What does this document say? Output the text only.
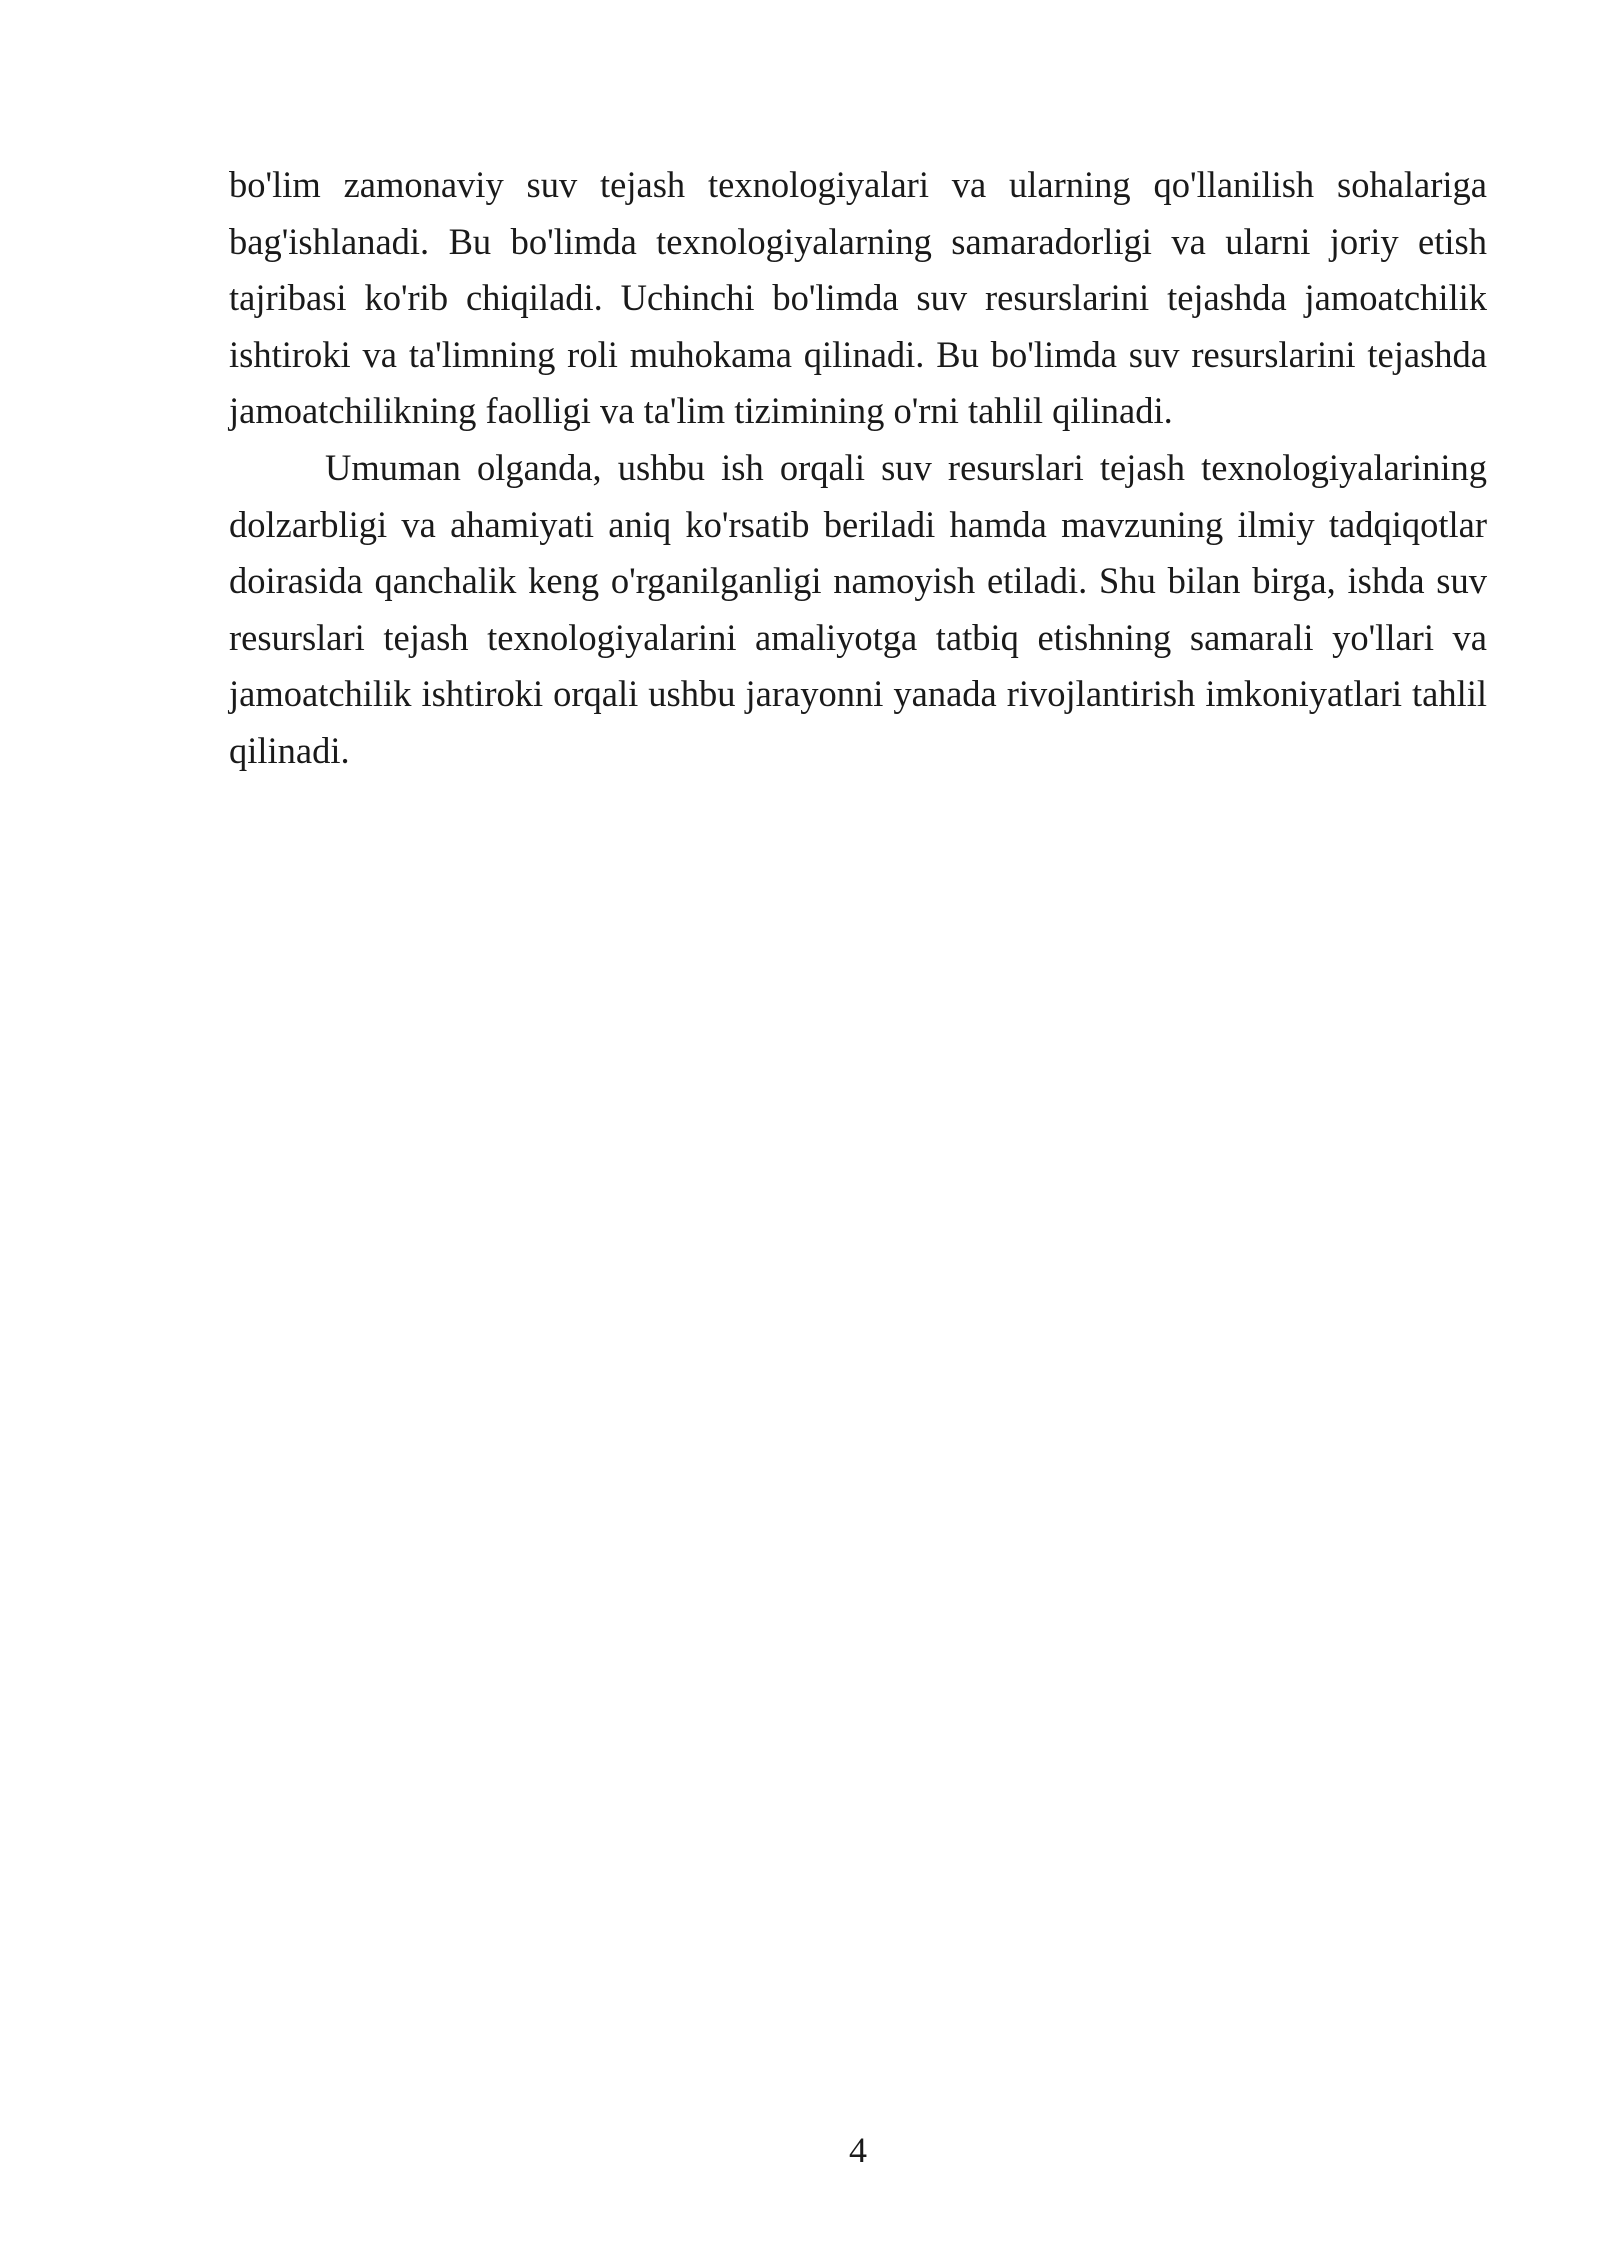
bo'lim zamonaviy suv tejash texnologiyalari va ularning qo'llanilish sohalariga bag'ishlanadi. Bu bo'limda texnologiyalarning samaradorligi va ularni joriy etish tajribasi ko'rib chiqiladi. Uchinchi bo'limda suv resurslarini tejashda jamoatchilik ishtiroki va ta'limning roli muhokama qilinadi. Bu bo'limda suv resurslarini tejashda jamoatchilikning faolligi va ta'lim tizimining o'rni tahlil qilinadi.

Umuman olganda, ushbu ish orqali suv resurslari tejash texnologiyalarining dolzarbligi va ahamiyati aniq ko'rsatib beriladi hamda mavzuning ilmiy tadqiqotlar doirasida qanchalik keng o'rganilganligi namoyish etiladi. Shu bilan birga, ishda suv resurslari tejash texnologiyalarini amaliyotga tatbiq etishning samarali yo'llari va jamoatchilik ishtiroki orqali ushbu jarayonni yanada rivojlantirish imkoniyatlari tahlil qilinadi.

4
